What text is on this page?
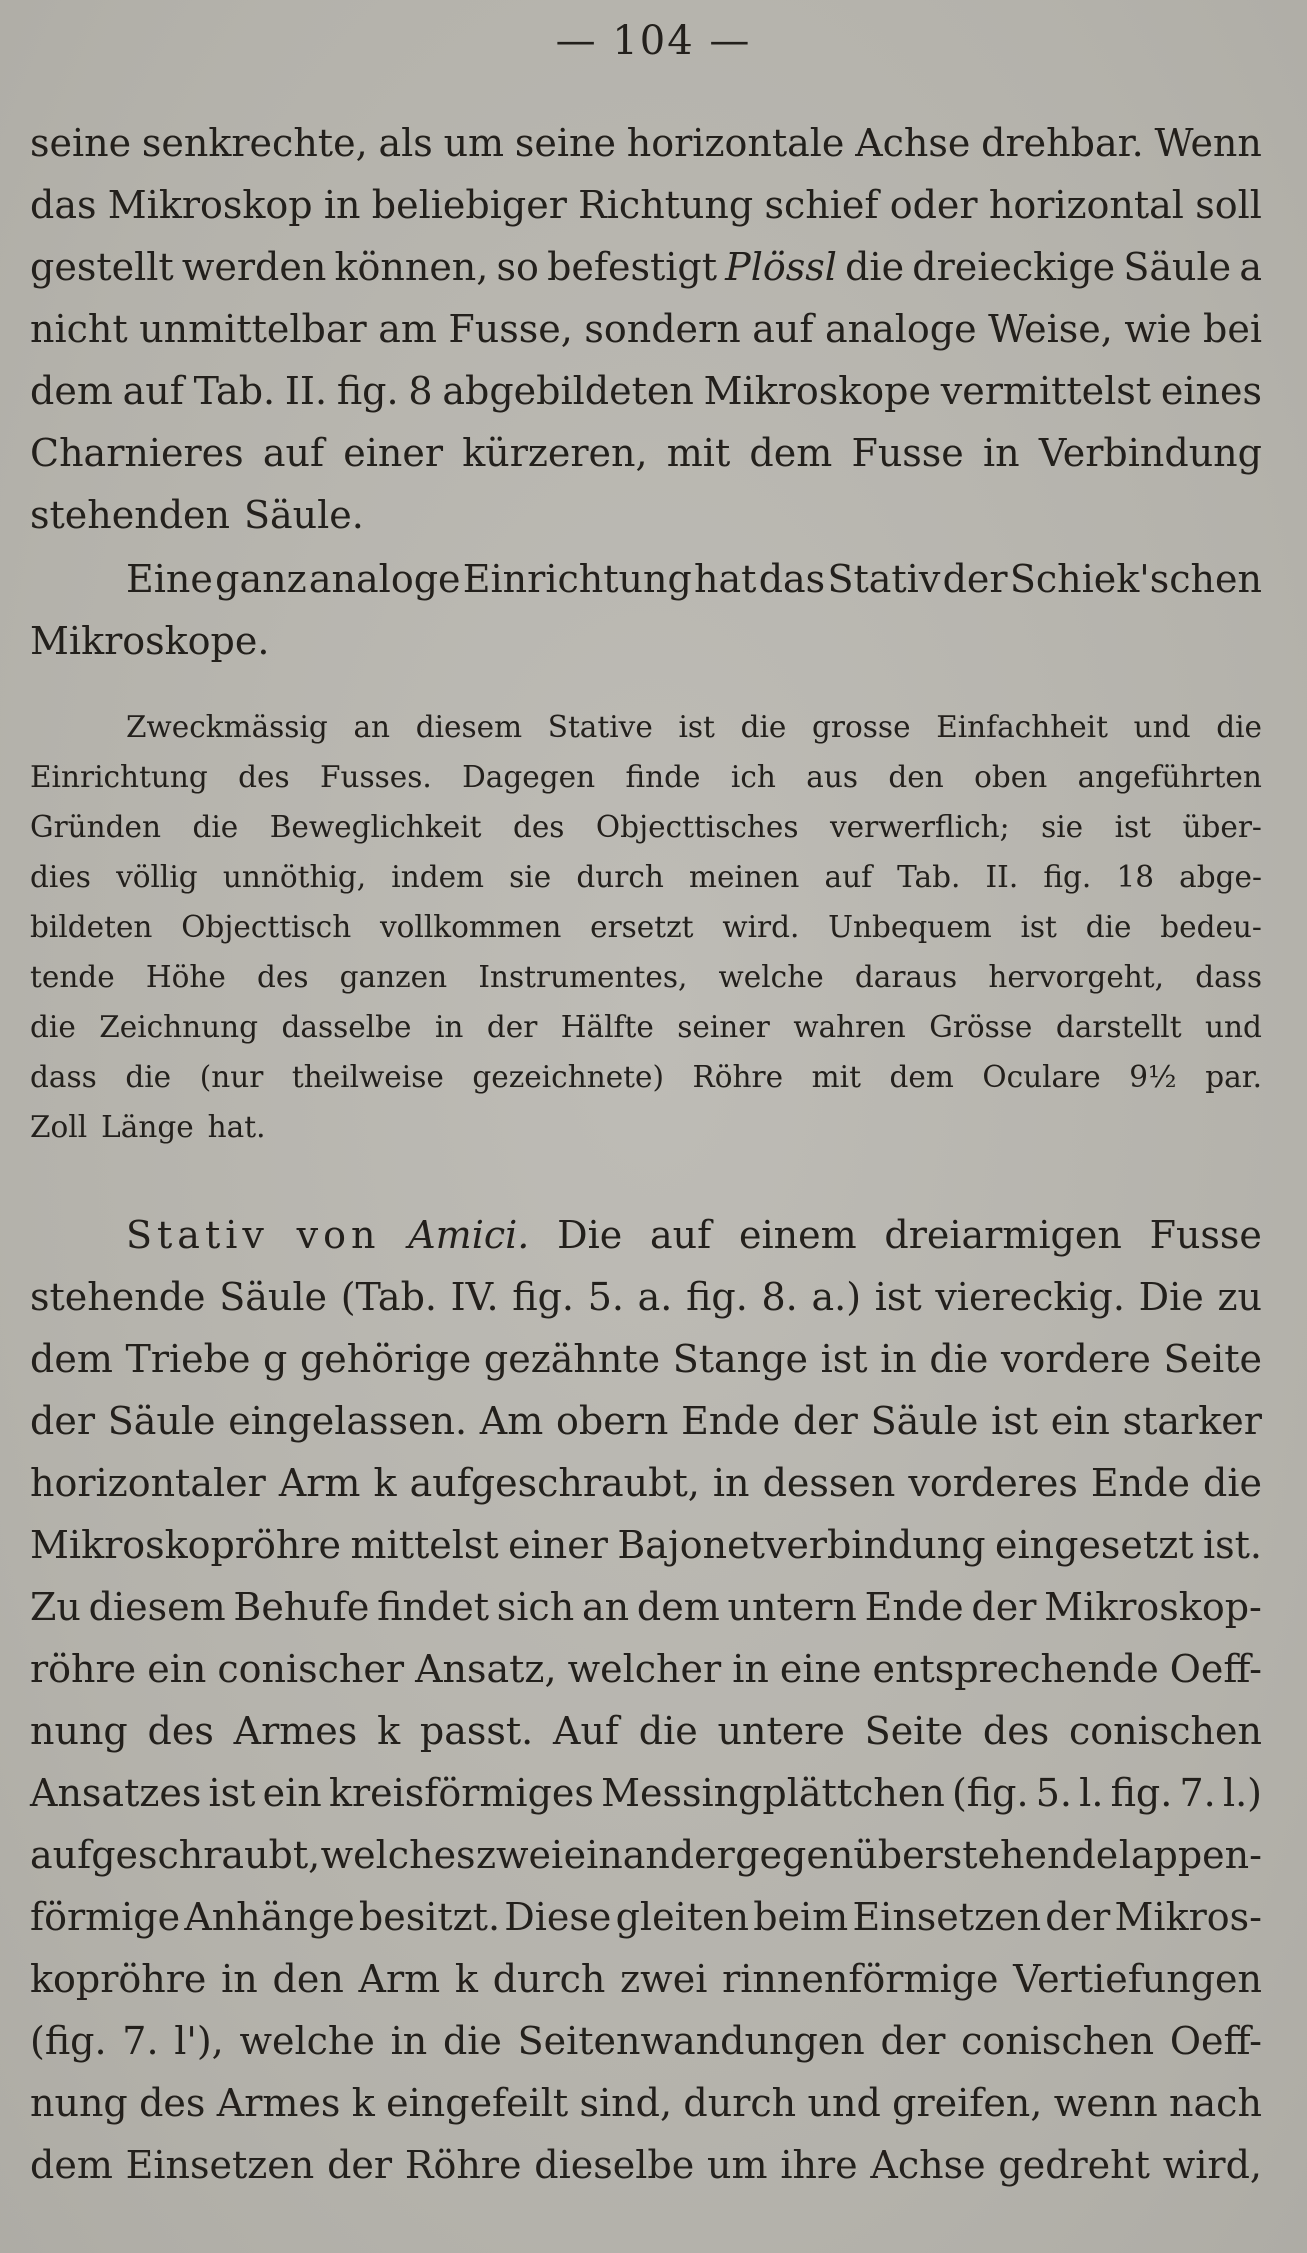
— 104 —
seine senkrechte, als um seine horizontale Achse drehbar. Wenn
das Mikroskop in beliebiger Richtung schief oder horizontal soll
gestellt werden können, so befestigt Plössl die dreieckige Säule a
nicht unmittelbar am Fusse, sondern auf analoge Weise, wie bei
dem auf Tab. II. fig. 8 abgebildeten Mikroskope vermittelst eines
Charnieres auf einer kürzeren, mit dem Fusse in Verbindung
stehenden Säule.
Eine ganz analoge Einrichtung hat das Stativ der Schiek'schen
Mikroskope.
Zweckmässig an diesem Stative ist die grosse Einfachheit und die
Einrichtung des Fusses. Dagegen finde ich aus den oben angeführten
Gründen die Beweglichkeit des Objecttisches verwerflich; sie ist über-
dies völlig unnöthig, indem sie durch meinen auf Tab. II. fig. 18 abge-
bildeten Objecttisch vollkommen ersetzt wird. Unbequem ist die bedeu-
tende Höhe des ganzen Instrumentes, welche daraus hervorgeht, dass
die Zeichnung dasselbe in der Hälfte seiner wahren Grösse darstellt und
dass die (nur theilweise gezeichnete) Röhre mit dem Oculare 9½ par.
Zoll Länge hat.
Stativ von Amici. Die auf einem dreiarmigen Fusse
stehende Säule (Tab. IV. fig. 5. a. fig. 8. a.) ist viereckig. Die zu
dem Triebe g gehörige gezähnte Stange ist in die vordere Seite
der Säule eingelassen. Am obern Ende der Säule ist ein starker
horizontaler Arm k aufgeschraubt, in dessen vorderes Ende die
Mikroskopröhre mittelst einer Bajonetverbindung eingesetzt ist.
Zu diesem Behufe findet sich an dem untern Ende der Mikroskop-
röhre ein conischer Ansatz, welcher in eine entsprechende Oeff-
nung des Armes k passt. Auf die untere Seite des conischen
Ansatzes ist ein kreisförmiges Messingplättchen (fig. 5. l. fig. 7. l.)
aufgeschraubt, welches zwei einander gegenüberstehende lappen-
förmige Anhänge besitzt. Diese gleiten beim Einsetzen der Mikros-
kopröhre in den Arm k durch zwei rinnenförmige Vertiefungen
(fig. 7. l'), welche in die Seitenwandungen der conischen Oeff-
nung des Armes k eingefeilt sind, durch und greifen, wenn nach
dem Einsetzen der Röhre dieselbe um ihre Achse gedreht wird,
